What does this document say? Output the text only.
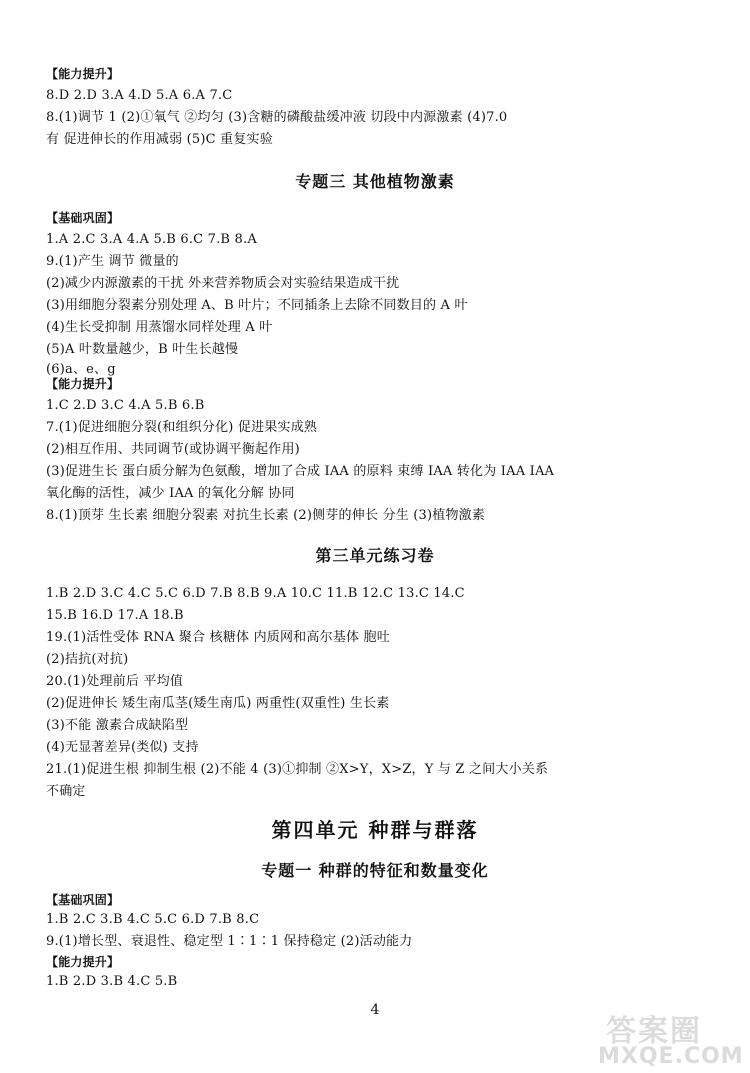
【能力提升】
8.D 2.D 3.A 4.D 5.A 6.A 7.C
8.(1)调节 1 (2)①氧气 ②均匀 (3)含糖的磷酸盐缓冲液 切段中内源激素 (4)7.0
有 促进伸长的作用减弱 (5)C 重复实验
专题三 其他植物激素
【基础巩固】
1.A 2.C 3.A 4.A 5.B 6.C 7.B 8.A
9.(1)产生 调节 微量的
(2)减少内源激素的干扰 外来营养物质会对实验结果造成干扰
(3)用细胞分裂素分别处理 A、B 叶片；不同插条上去除不同数目的 A 叶
(4)生长受抑制 用蒸馏水同样处理 A 叶
(5)A 叶数量越少，B 叶生长越慢
(6)a、e、g
【能力提升】
1.C 2.D 3.C 4.A 5.B 6.B
7.(1)促进细胞分裂(和组织分化) 促进果实成熟
(2)相互作用、共同调节(或协调平衡起作用)
(3)促进生长 蛋白质分解为色氨酸，增加了合成 IAA 的原料 束缚 IAA 转化为 IAA IAA
氧化酶的活性，减少 IAA 的氧化分解 协同
8.(1)顶芽 生长素 细胞分裂素 对抗生长素 (2)侧芽的伸长 分生 (3)植物激素
第三单元练习卷
1.B 2.D 3.C 4.C 5.C 6.D 7.B 8.B 9.A 10.C 11.B 12.C 13.C 14.C
15.B 16.D 17.A 18.B
19.(1)活性受体 RNA 聚合 核糖体 内质网和高尔基体 胞吐
(2)拮抗(对抗)
20.(1)处理前后 平均值
(2)促进伸长 矮生南瓜茎(矮生南瓜) 两重性(双重性) 生长素
(3)不能 激素合成缺陷型
(4)无显著差异(类似) 支持
21.(1)促进生根 抑制生根 (2)不能 4 (3)①抑制 ②X>Y，X>Z，Y 与 Z 之间大小关系
不确定
第四单元 种群与群落
专题一 种群的特征和数量变化
【基础巩固】
1.B 2.C 3.B 4.C 5.C 6.D 7.B 8.C
9.(1)增长型、衰退性、稳定型 1∶1∶1 保持稳定 (2)活动能力
【能力提升】
1.B 2.D 3.B 4.C 5.B
4
答案圈
MXQE.COM
